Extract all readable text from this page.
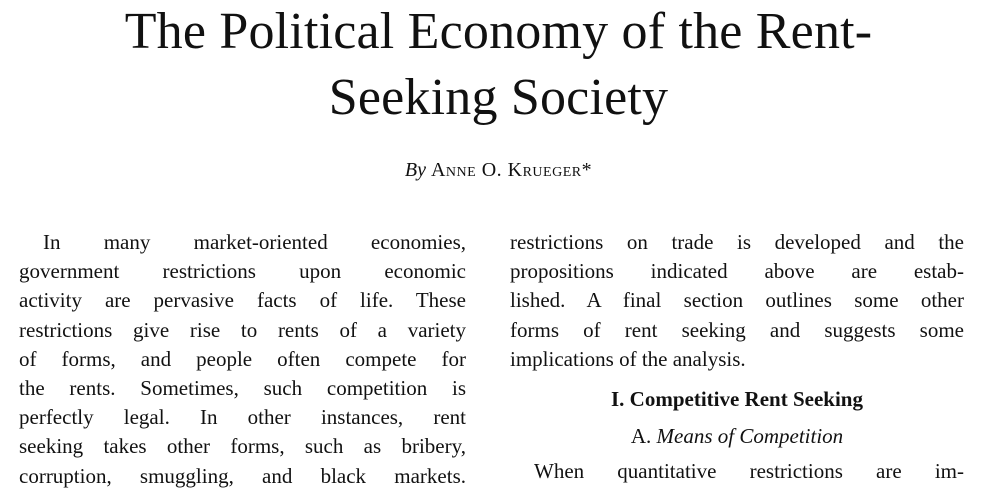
The Political Economy of the Rent-
Seeking Society
By Anne O. Krueger*
In many market-oriented economies,
government restrictions upon economic
activity are pervasive facts of life. These
restrictions give rise to rents of a variety
of forms, and people often compete for
the rents. Sometimes, such competition is
perfectly legal. In other instances, rent
seeking takes other forms, such as bribery,
corruption, smuggling, and black markets.
restrictions on trade is developed and the
propositions indicated above are estab-
lished. A final section outlines some other
forms of rent seeking and suggests some
implications of the analysis.
I. Competitive Rent Seeking
A. Means of Competition
When quantitative restrictions are im-
